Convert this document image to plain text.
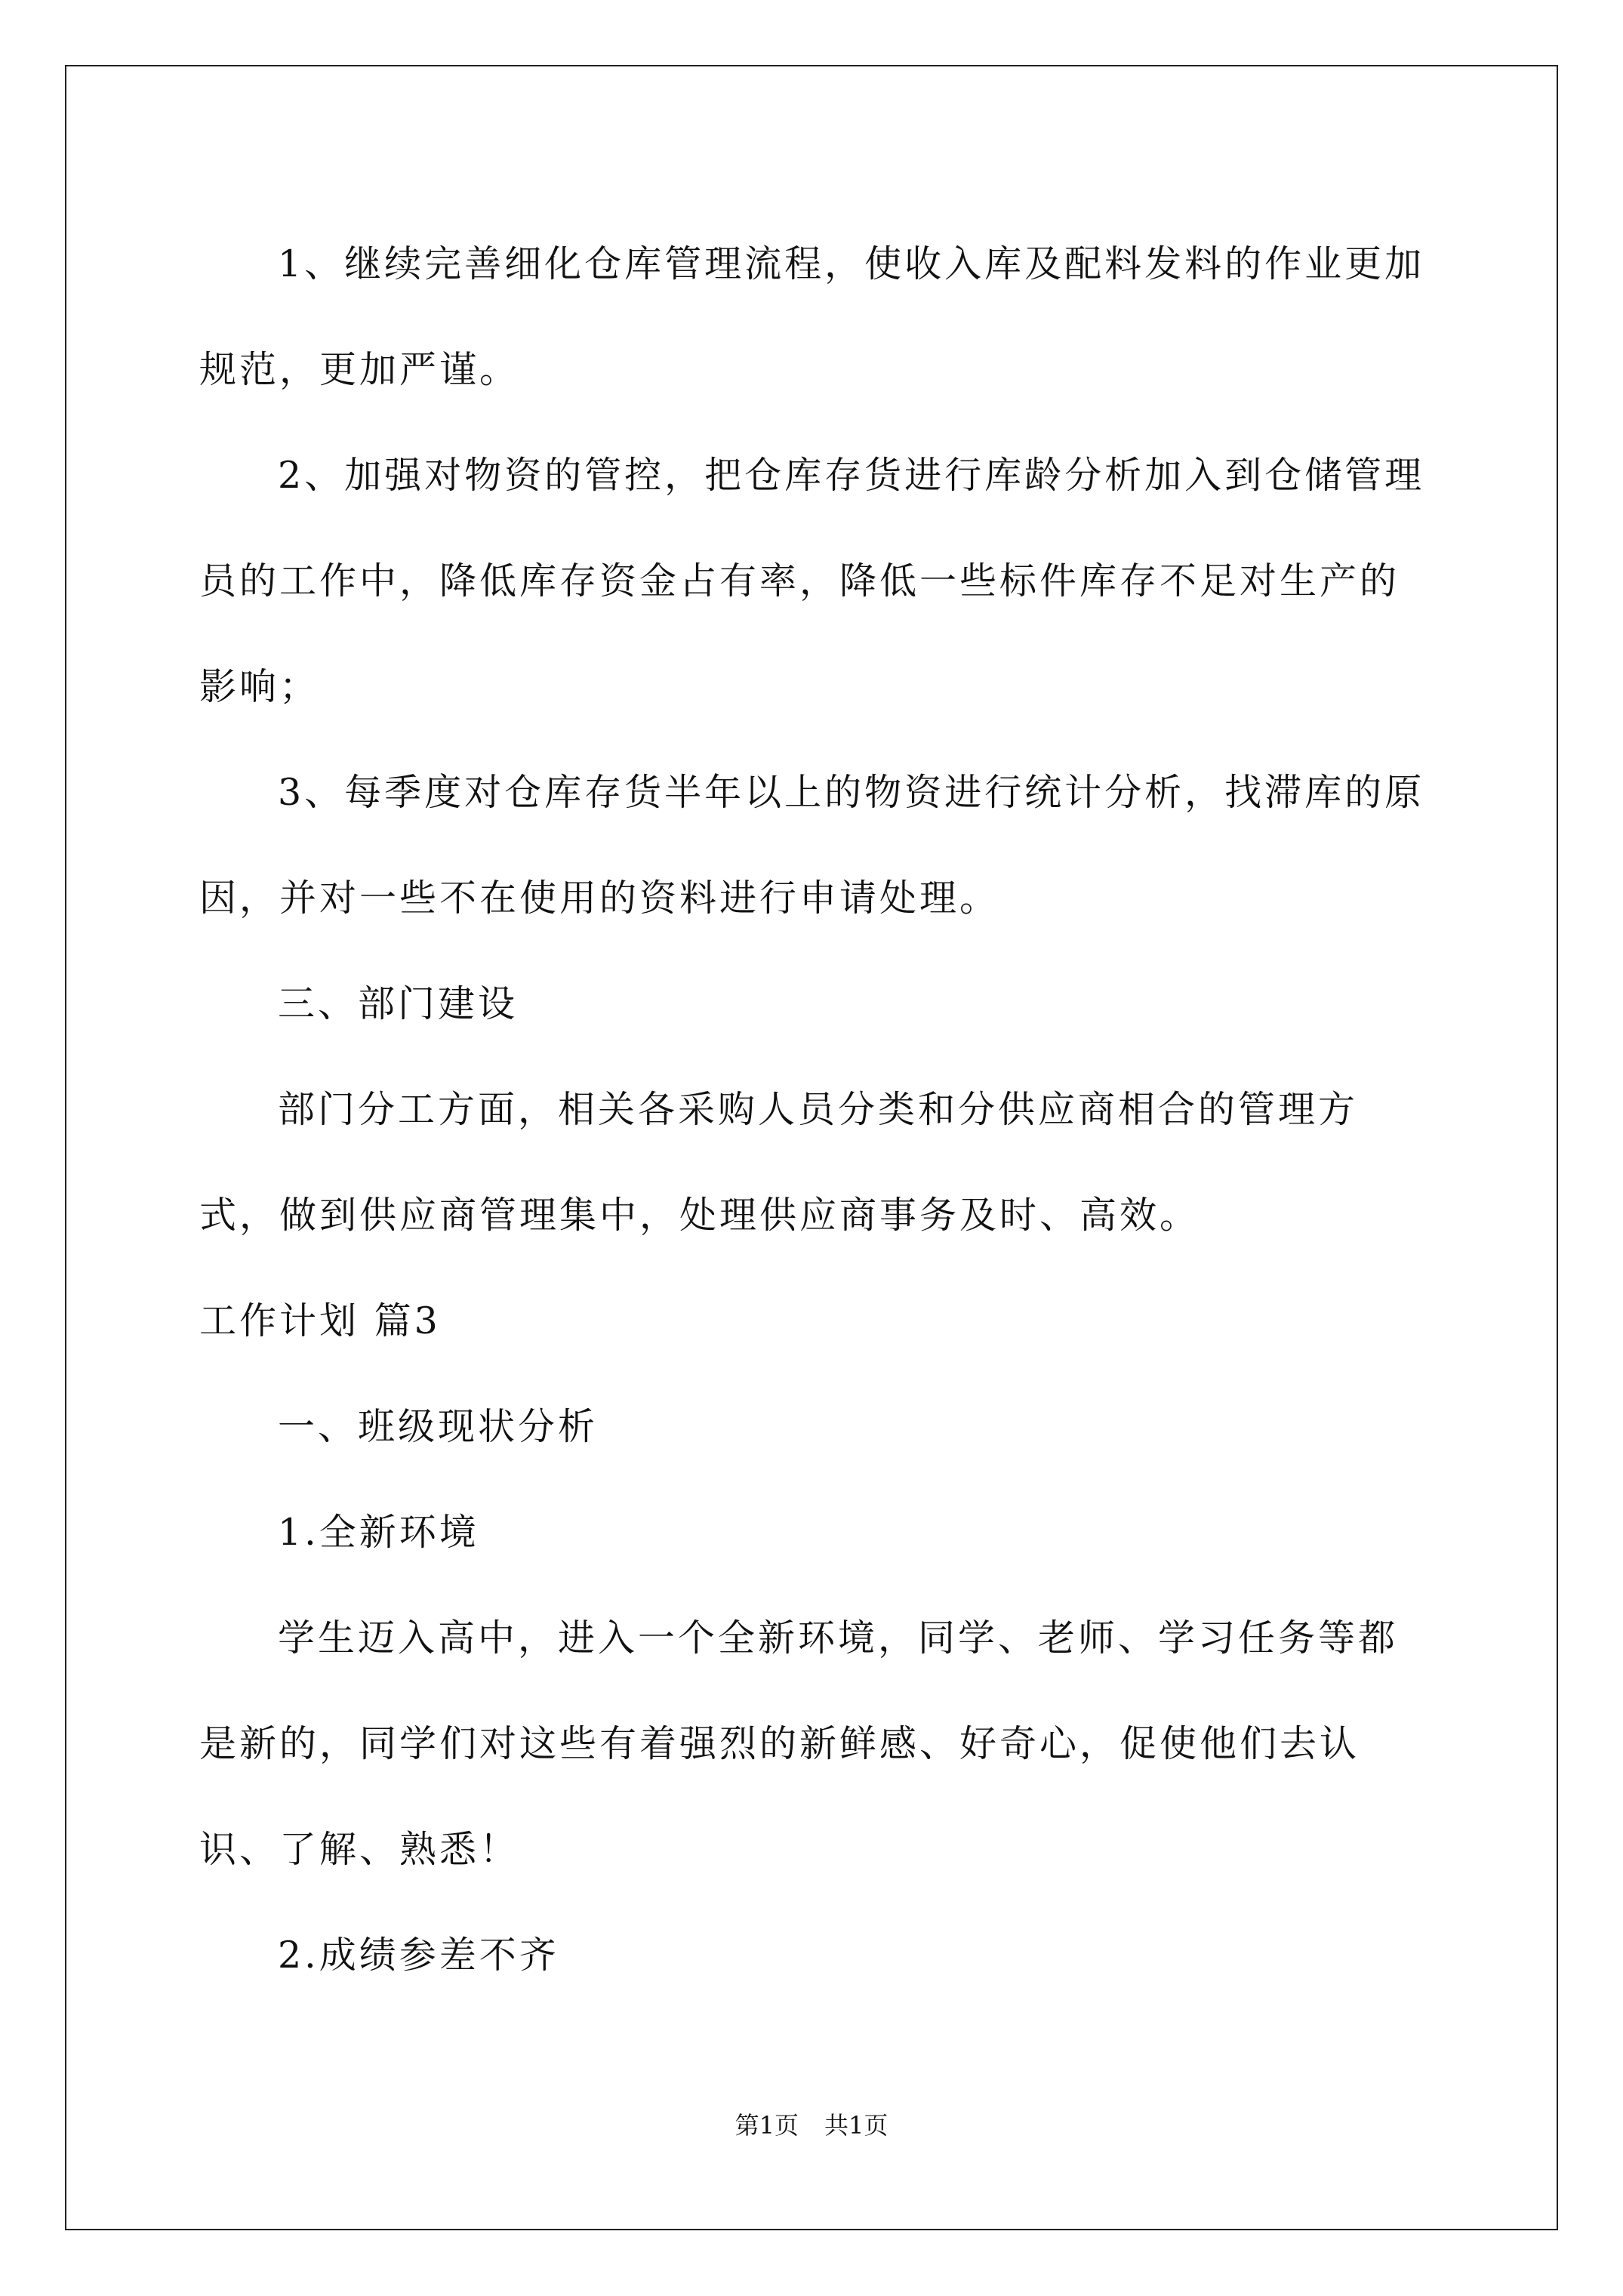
1、继续完善细化仓库管理流程，使收入库及配料发料的作业更加规范，更加严谨。

2、加强对物资的管控，把仓库存货进行库龄分析加入到仓储管理员的工作中，降低库存资金占有率，降低一些标件库存不足对生产的影响；

3、每季度对仓库存货半年以上的物资进行统计分析，找滞库的原因，并对一些不在使用的资料进行申请处理。

三、部门建设

部门分工方面，相关各采购人员分类和分供应商相合的管理方式，做到供应商管理集中，处理供应商事务及时、高效。

工作计划 篇3

一、班级现状分析

1.全新环境

学生迈入高中，进入一个全新环境，同学、老师、学习任务等都是新的，同学们对这些有着强烈的新鲜感、好奇心，促使他们去认识、了解、熟悉！

2.成绩参差不齐

第1页 共1页
